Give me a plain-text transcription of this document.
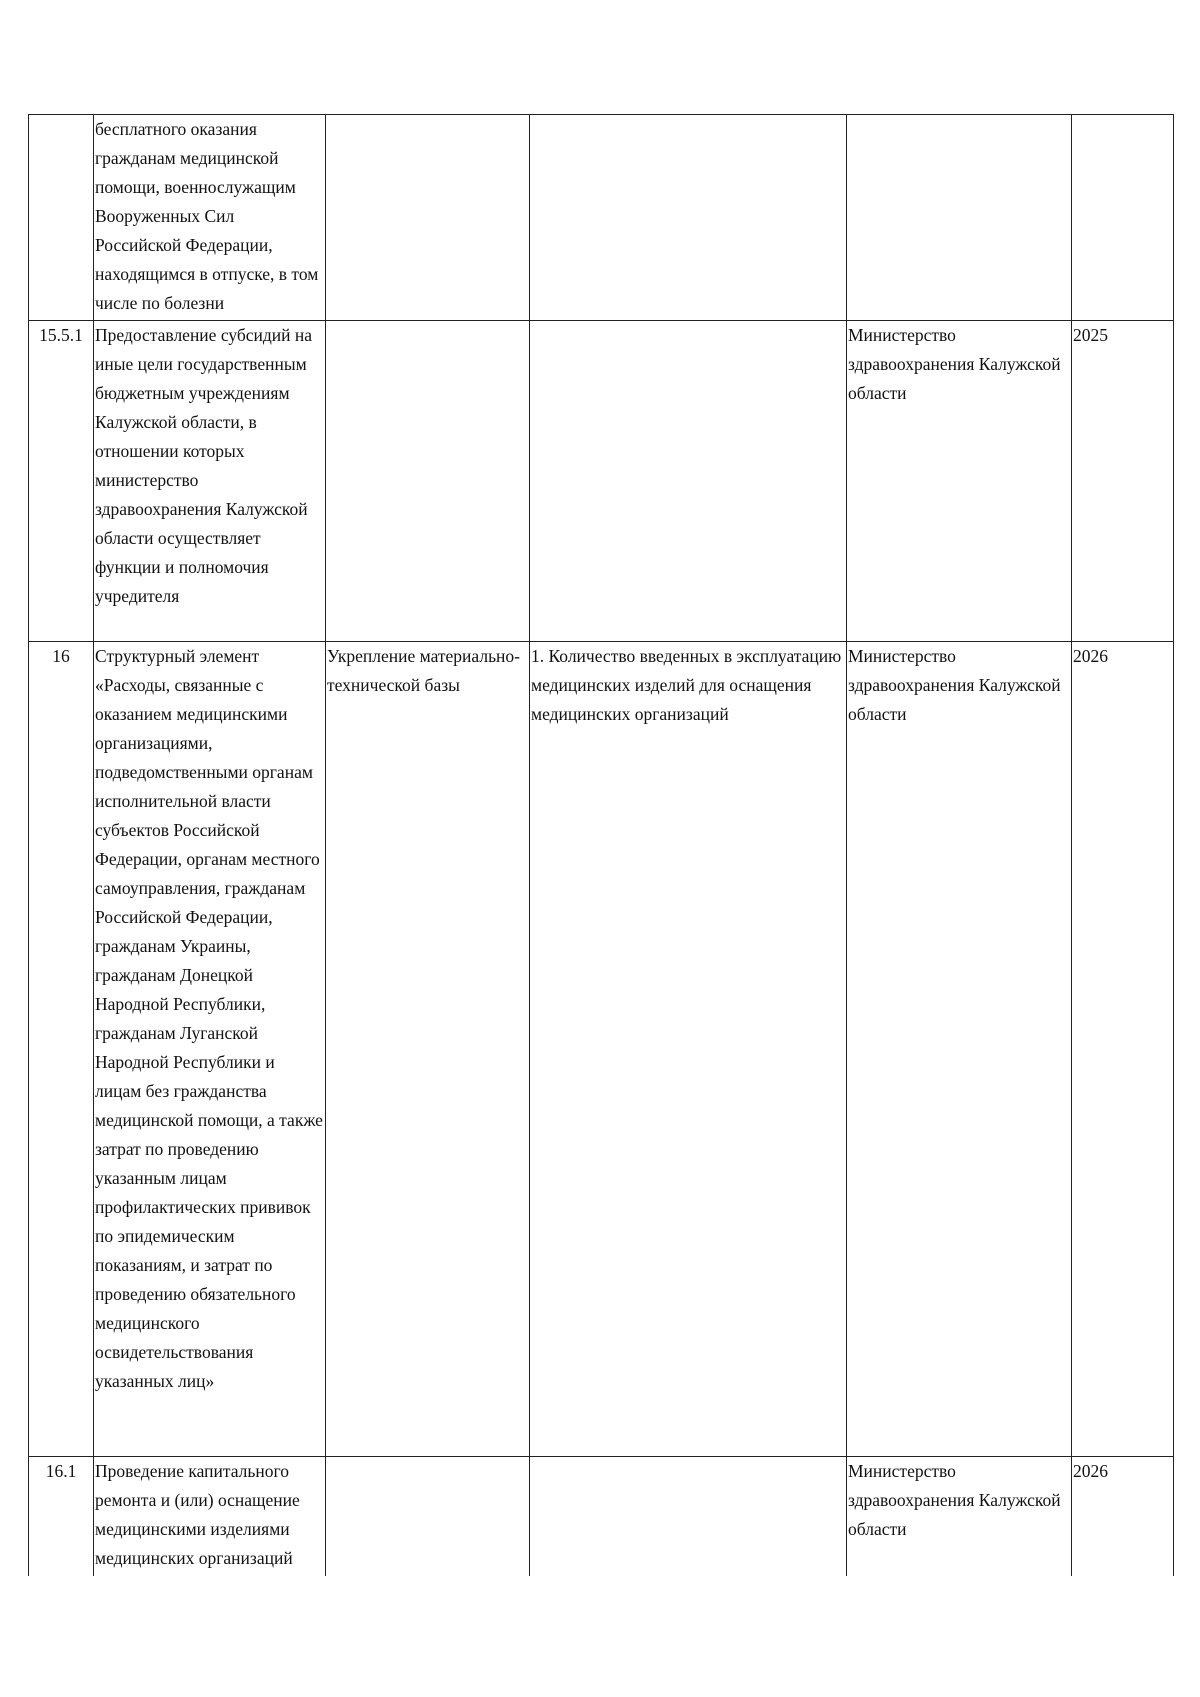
	бесплатного оказания гражданам медицинской помощи, военнослужащим Вооруженных Сил Российской Федерации, находящимся в отпуске, в том числе по болезни				
15.5.1	Предоставление субсидий на иные цели государственным бюджетным учреждениям Калужской области, в отношении которых министерство здравоохранения Калужской области осуществляет функции и полномочия учредителя			Министерство здравоохранения Калужской области	2025
16	Структурный элемент «Расходы, связанные с оказанием медицинскими организациями, подведомственными органам исполнительной власти субъектов Российской Федерации, органам местного самоуправления, гражданам Российской Федерации, гражданам Украины, гражданам Донецкой Народной Республики, гражданам Луганской Народной Республики и лицам без гражданства медицинской помощи, а также затрат по проведению указанным лицам профилактических прививок по эпидемическим показаниям, и затрат по проведению обязательного медицинского освидетельствования указанных лиц»	Укрепление материально-технической базы	1. Количество введенных в эксплуатацию медицинских изделий для оснащения медицинских организаций	Министерство здравоохранения Калужской области	2026
16.1	Проведение капитального ремонта и (или) оснащение медицинскими изделиями медицинских организаций			Министерство здравоохранения Калужской области	2026
